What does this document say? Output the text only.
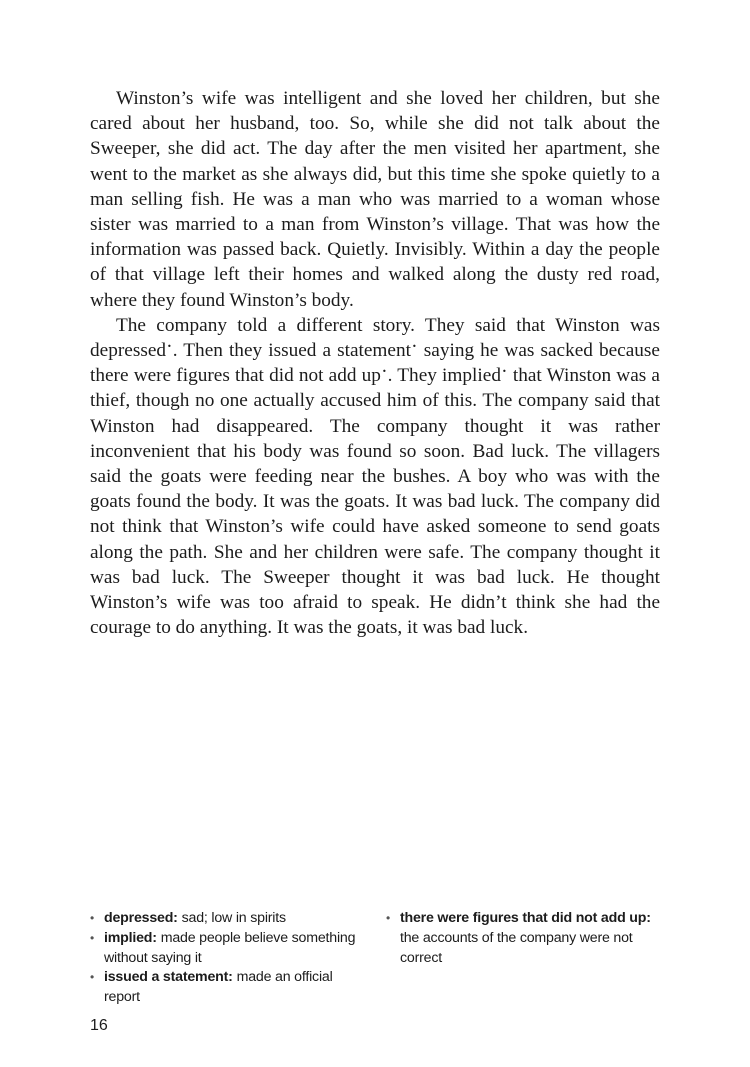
Winston’s wife was intelligent and she loved her children, but she cared about her husband, too. So, while she did not talk about the Sweeper, she did act. The day after the men visited her apartment, she went to the market as she always did, but this time she spoke quietly to a man selling fish. He was a man who was married to a woman whose sister was married to a man from Winston’s village. That was how the information was passed back. Quietly. Invisibly. Within a day the people of that village left their homes and walked along the dusty red road, where they found Winston’s body.

The company told a different story. They said that Winston was depressed•. Then they issued a statement• saying he was sacked because there were figures that did not add up•. They implied• that Winston was a thief, though no one actually accused him of this. The company said that Winston had disappeared. The company thought it was rather inconvenient that his body was found so soon. Bad luck. The villagers said the goats were feeding near the bushes. A boy who was with the goats found the body. It was the goats. It was bad luck. The company did not think that Winston’s wife could have asked someone to send goats along the path. She and her children were safe. The company thought it was bad luck. The Sweeper thought it was bad luck. He thought Winston’s wife was too afraid to speak. He didn’t think she had the courage to do anything. It was the goats, it was bad luck.

• depressed: sad; low in spirits
• implied: made people believe something without saying it
• issued a statement: made an official report
• there were figures that did not add up: the accounts of the company were not correct
16
